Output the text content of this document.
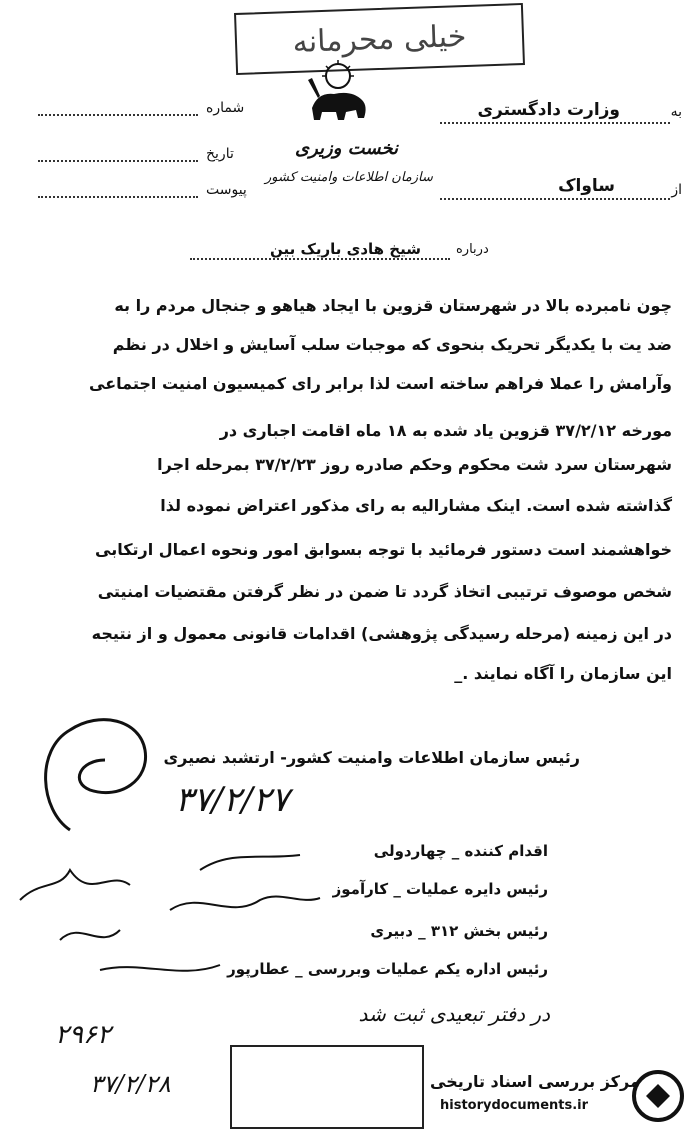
خیلی محرمانه
به
وزارت دادگستری
از
ساواک
شماره
تاریخ
پیوست
نخست وزیری
سازمان اطلاعات وامنیت کشور
درباره
شیخ هادی باریک بین
چون نامبرده بالا در شهرستان قزوین با ایجاد هیاهو و جنجال مردم را به
ضد یت با یکدیگر تحریک بنحوی که موجبات سلب آسایش و اخلال در نظم
وآرامش را عملا فراهم ساخته است لذا برابر رای کمیسیون امنیت اجتماعی
مورخه ۳۷/۲/۱۲ قزوین یاد شده به ۱۸ ماه اقامت اجباری در
شهرستان سرد شت محکوم وحکم صادره روز ۳۷/۲/۲۳ بمرحله اجرا
گذاشته شده است. اینک مشارالیه به رای مذکور اعتراض نموده لذا
خواهشمند است دستور فرمائید با توجه بسوابق امور ونحوه اعمال ارتکابی
شخص موصوف ترتیبی اتخاذ گردد تا ضمن در نظر گرفتن مقتضیات امنیتی
در این زمینه (مرحله رسیدگی پژوهشی) اقدامات قانونی معمول و از نتیجه
این سازمان را آگاه نمایند ._
رئیس سازمان اطلاعات وامنیت کشور- ارتشبد نصیری
۳۷/۲/۲۷
اقدام کننده _ چهاردولی
رئیس دایره عملیات _ کارآموز
رئیس بخش ۳۱۲ _ دبیری
رئیس اداره یکم عملیات وبررسی _ عطارپور
در دفتر تبعیدی ثبت شد
۲۹۶۲
۳۷/۲/۲۸	مرکز بررسی اسناد تاریخی
historydocuments.ir
